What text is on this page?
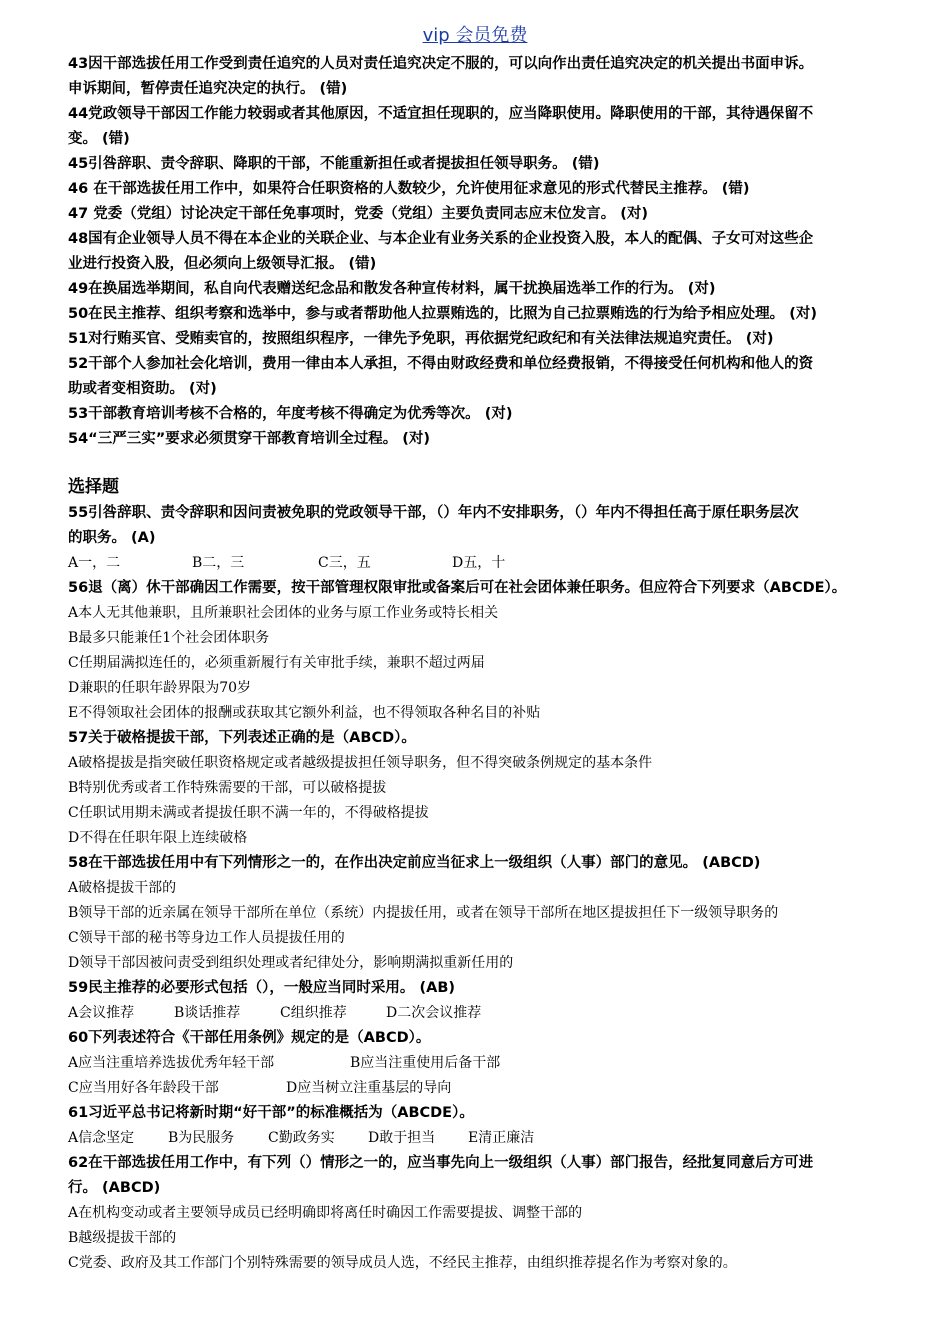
vip 会员免费
43因干部选拔任用工作受到责任追究的人员对责任追究决定不服的，可以向作出责任追究决定的机关提出书面申诉。
申诉期间，暂停责任追究决定的执行。 (错)
44党政领导干部因工作能力较弱或者其他原因，不适宜担任现职的，应当降职使用。降职使用的干部，其待遇保留不
变。 (错)
45引咎辞职、责令辞职、降职的干部，不能重新担任或者提拔担任领导职务。 (错)
46 在干部选拔任用工作中，如果符合任职资格的人数较少，允许使用征求意见的形式代替民主推荐。 (错)
47 党委（党组）讨论决定干部任免事项时，党委（党组）主要负责同志应末位发言。 (对)
48国有企业领导人员不得在本企业的关联企业、与本企业有业务关系的企业投资入股，本人的配偶、子女可对这些企
业进行投资入股，但必须向上级领导汇报。 (错)
49在换届选举期间，私自向代表赠送纪念品和散发各种宣传材料，属干扰换届选举工作的行为。 (对)
50在民主推荐、组织考察和选举中，参与或者帮助他人拉票贿选的，比照为自己拉票贿选的行为给予相应处理。 (对)
51对行贿买官、受贿卖官的，按照组织程序，一律先予免职，再依据党纪政纪和有关法律法规追究责任。 (对)
52干部个人参加社会化培训，费用一律由本人承担，不得由财政经费和单位经费报销，不得接受任何机构和他人的资
助或者变相资助。 (对)
53干部教育培训考核不合格的，年度考核不得确定为优秀等次。 (对)
54“三严三实”要求必须贯穿干部教育培训全过程。 (对)
选择题
55引咎辞职、责令辞职和因问责被免职的党政领导干部，（）年内不安排职务，（）年内不得担任高于原任职务层次
的职务。 (A)
A一，二	B二，三	C三，五	D五，十
56退（离）休干部确因工作需要，按干部管理权限审批或备案后可在社会团体兼任职务。但应符合下列要求（ABCDE）。
A本人无其他兼职，且所兼职社会团体的业务与原工作业务或特长相关
B最多只能兼任1个社会团体职务
C任期届满拟连任的，必须重新履行有关审批手续，兼职不超过两届
D兼职的任职年龄界限为70岁
E不得领取社会团体的报酬或获取其它额外利益，也不得领取各种名目的补贴
57关于破格提拔干部，下列表述正确的是（ABCD）。
A破格提拔是指突破任职资格规定或者越级提拔担任领导职务，但不得突破条例规定的基本条件
B特别优秀或者工作特殊需要的干部，可以破格提拔
C任职试用期未满或者提拔任职不满一年的，不得破格提拔
D不得在任职年限上连续破格
58在干部选拔任用中有下列情形之一的，在作出决定前应当征求上一级组织（人事）部门的意见。 (ABCD)
A破格提拔干部的
B领导干部的近亲属在领导干部所在单位（系统）内提拔任用，或者在领导干部所在地区提拔担任下一级领导职务的
C领导干部的秘书等身边工作人员提拔任用的
D领导干部因被问责受到组织处理或者纪律处分，影响期满拟重新任用的
59民主推荐的必要形式包括（），一般应当同时采用。 (AB)
A会议推荐	B谈话推荐	C组织推荐	D二次会议推荐
60下列表述符合《干部任用条例》规定的是（ABCD）。
A应当注重培养选拔优秀年轻干部	B应当注重使用后备干部
C应当用好各年龄段干部	D应当树立注重基层的导向
61习近平总书记将新时期“好干部”的标准概括为（ABCDE）。
A信念坚定 B为民服务 C勤政务实 D敢于担当 E清正廉洁
62在干部选拔任用工作中，有下列（）情形之一的，应当事先向上一级组织（人事）部门报告，经批复同意后方可进
行。 (ABCD)
A在机构变动或者主要领导成员已经明确即将离任时确因工作需要提拔、调整干部的
B越级提拔干部的
C党委、政府及其工作部门个别特殊需要的领导成员人选，不经民主推荐，由组织推荐提名作为考察对象的。
